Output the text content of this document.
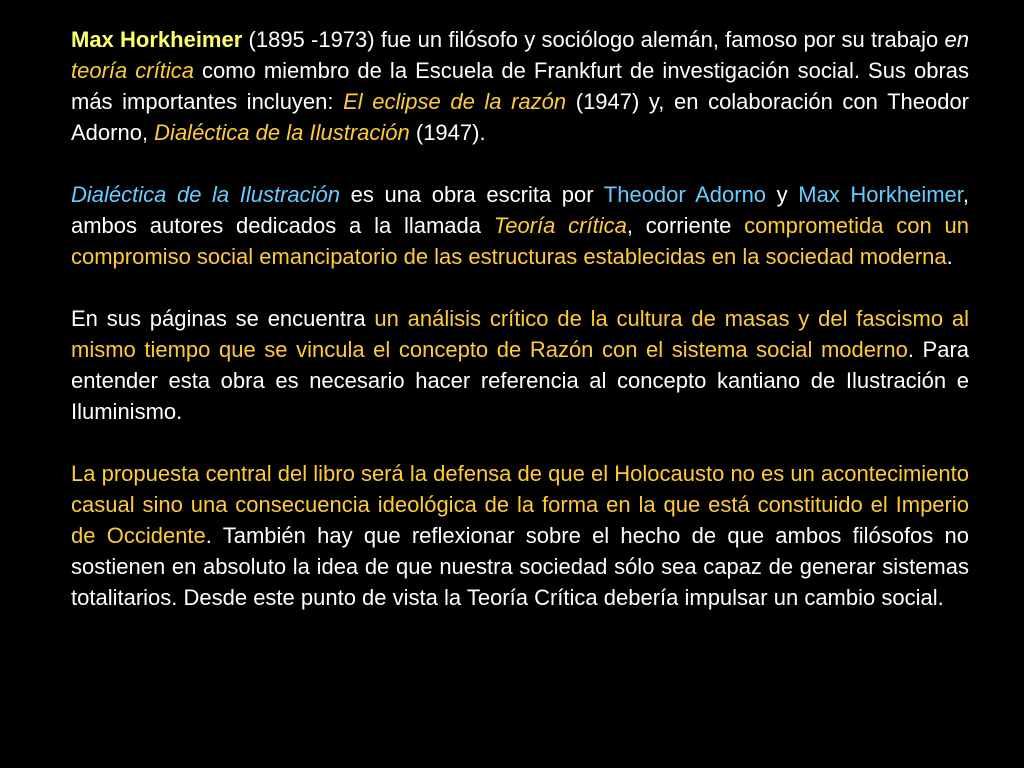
Max Horkheimer (1895 -1973) fue un filósofo y sociólogo alemán, famoso por su trabajo en teoría crítica como miembro de la Escuela de Frankfurt de investigación social. Sus obras más importantes incluyen: El eclipse de la razón (1947) y, en colaboración con Theodor Adorno, Dialéctica de la Ilustración (1947).

Dialéctica de la Ilustración es una obra escrita por Theodor Adorno y Max Horkheimer, ambos autores dedicados a la llamada Teoría crítica, corriente comprometida con un compromiso social emancipatorio de las estructuras establecidas en la sociedad moderna.

En sus páginas se encuentra un análisis crítico de la cultura de masas y del fascismo al mismo tiempo que se vincula el concepto de Razón con el sistema social moderno. Para entender esta obra es necesario hacer referencia al concepto kantiano de Ilustración e Iluminismo.

La propuesta central del libro será la defensa de que el Holocausto no es un acontecimiento casual sino una consecuencia ideológica de la forma en la que está constituido el Imperio de Occidente. También hay que reflexionar sobre el hecho de que ambos filósofos no sostienen en absoluto la idea de que nuestra sociedad sólo sea capaz de generar sistemas totalitarios. Desde este punto de vista la Teoría Crítica debería impulsar un cambio social.
